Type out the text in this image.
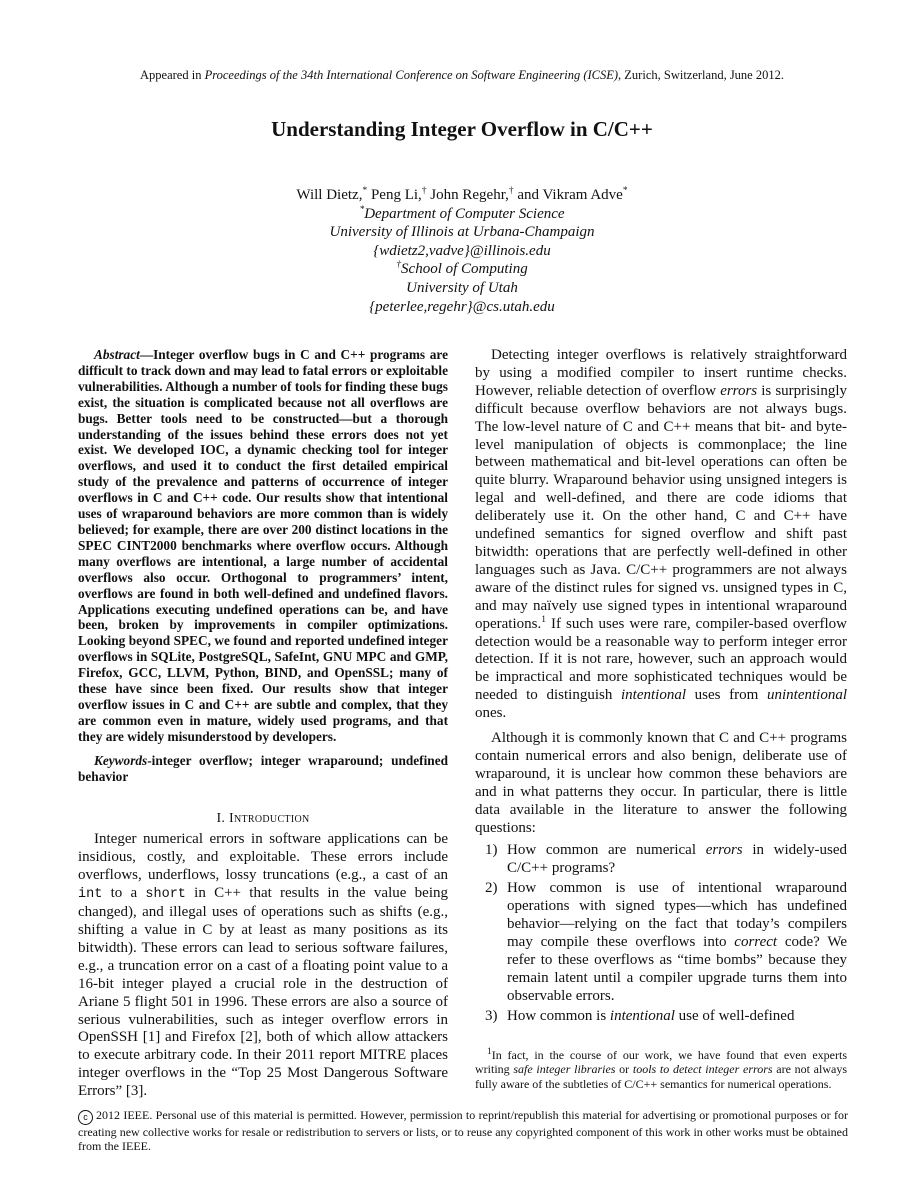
Appeared in Proceedings of the 34th International Conference on Software Engineering (ICSE), Zurich, Switzerland, June 2012.
Understanding Integer Overflow in C/C++
Will Dietz,* Peng Li,† John Regehr,† and Vikram Adve*
*Department of Computer Science
University of Illinois at Urbana-Champaign
{wdietz2,vadve}@illinois.edu
†School of Computing
University of Utah
{peterlee,regehr}@cs.utah.edu

Abstract—Integer overflow bugs in C and C++ programs are difficult to track down and may lead to fatal errors or exploitable vulnerabilities. Although a number of tools for finding these bugs exist, the situation is complicated because not all overflows are bugs. Better tools need to be constructed—but a thorough understanding of the issues behind these errors does not yet exist. We developed IOC, a dynamic checking tool for integer overflows, and used it to conduct the first detailed empirical study of the prevalence and patterns of occurrence of integer overflows in C and C++ code. Our results show that intentional uses of wraparound behaviors are more common than is widely believed; for example, there are over 200 distinct locations in the SPEC CINT2000 benchmarks where overflow occurs. Although many overflows are intentional, a large number of accidental overflows also occur. Orthogonal to programmers’ intent, overflows are found in both well-defined and undefined flavors. Applications executing undefined operations can be, and have been, broken by improvements in compiler optimizations. Looking beyond SPEC, we found and reported undefined integer overflows in SQLite, PostgreSQL, SafeInt, GNU MPC and GMP, Firefox, GCC, LLVM, Python, BIND, and OpenSSL; many of these have since been fixed. Our results show that integer overflow issues in C and C++ are subtle and complex, that they are common even in mature, widely used programs, and that they are widely misunderstood by developers.

Keywords-integer overflow; integer wraparound; undefined behavior

I. Introduction

Integer numerical errors in software applications can be insidious, costly, and exploitable. These errors include overflows, underflows, lossy truncations (e.g., a cast of an int to a short in C++ that results in the value being changed), and illegal uses of operations such as shifts (e.g., shifting a value in C by at least as many positions as its bitwidth). These errors can lead to serious software failures, e.g., a truncation error on a cast of a floating point value to a 16-bit integer played a crucial role in the destruction of Ariane 5 flight 501 in 1996. These errors are also a source of serious vulnerabilities, such as integer overflow errors in OpenSSH [1] and Firefox [2], both of which allow attackers to execute arbitrary code. In their 2011 report MITRE places integer overflows in the “Top 25 Most Dangerous Software Errors” [3].

Detecting integer overflows is relatively straightforward by using a modified compiler to insert runtime checks. However, reliable detection of overflow errors is surprisingly difficult because overflow behaviors are not always bugs. The low-level nature of C and C++ means that bit- and byte-level manipulation of objects is commonplace; the line between mathematical and bit-level operations can often be quite blurry. Wraparound behavior using unsigned integers is legal and well-defined, and there are code idioms that deliberately use it. On the other hand, C and C++ have undefined semantics for signed overflow and shift past bitwidth: operations that are perfectly well-defined in other languages such as Java. C/C++ programmers are not always aware of the distinct rules for signed vs. unsigned types in C, and may naïvely use signed types in intentional wraparound operations.$^1$ If such uses were rare, compiler-based overflow detection would be a reasonable way to perform integer error detection. If it is not rare, however, such an approach would be impractical and more sophisticated techniques would be needed to distinguish intentional uses from unintentional ones.

Although it is commonly known that C and C++ programs contain numerical errors and also benign, deliberate use of wraparound, it is unclear how common these behaviors are and in what patterns they occur. In particular, there is little data available in the literature to answer the following questions:

1) How common are numerical errors in widely-used C/C++ programs?
2) How common is use of intentional wraparound operations with signed types—which has undefined behavior—relying on the fact that today’s compilers may compile these overflows into correct code? We refer to these overflows as “time bombs” because they remain latent until a compiler upgrade turns them into observable errors.
3) How common is intentional use of well-defined

$^1$In fact, in the course of our work, we have found that even experts writing safe integer libraries or tools to detect integer errors are not always fully aware of the subtleties of C/C++ semantics for numerical operations.

c 2012 IEEE. Personal use of this material is permitted. However, permission to reprint/republish this material for advertising or promotional purposes or for creating new collective works for resale or redistribution to servers or lists, or to reuse any copyrighted component of this work in other works must be obtained from the IEEE.
